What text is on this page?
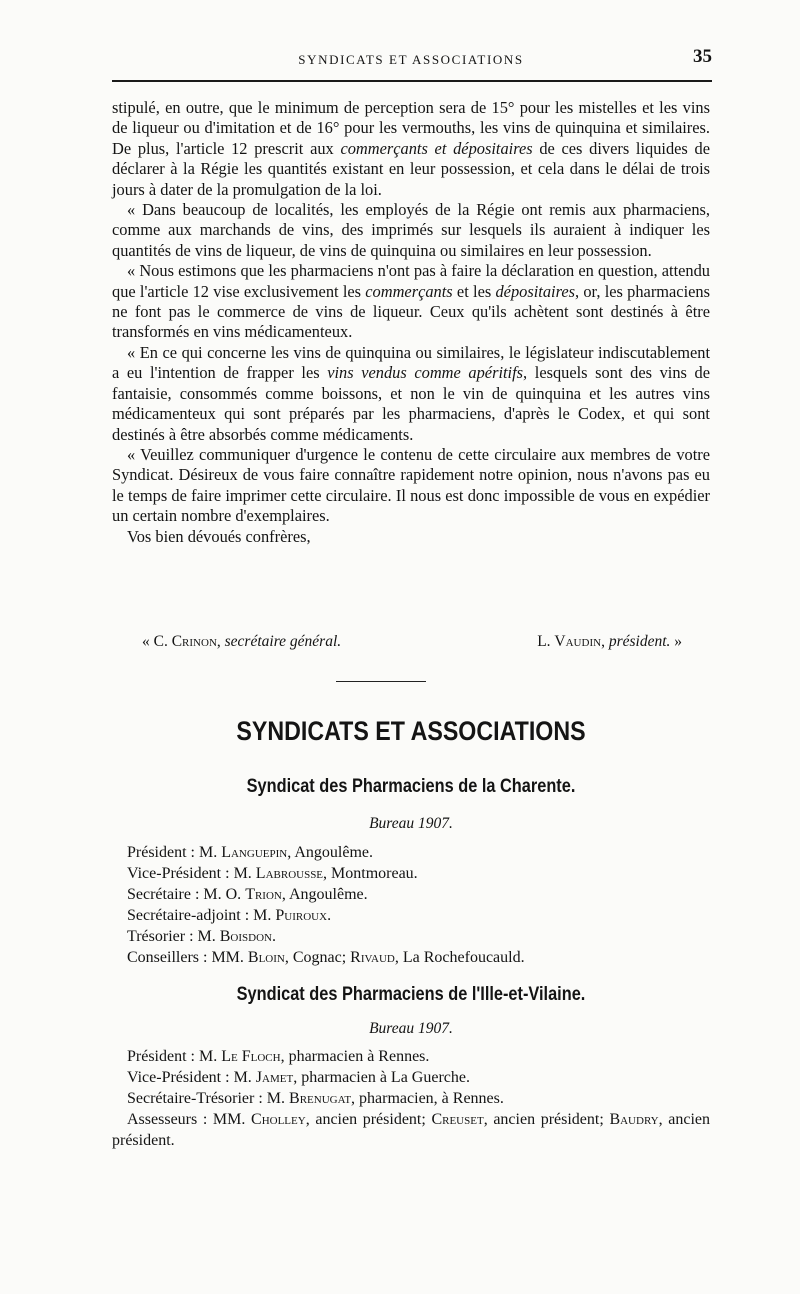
SYNDICATS ET ASSOCIATIONS	35

stipulé, en outre, que le minimum de perception sera de 15° pour les mistelles et les vins de liqueur ou d'imitation et de 16° pour les vermouths, les vins de quinquina et similaires. De plus, l'article 12 prescrit aux commerçants et dépositaires de ces divers liquides de déclarer à la Régie les quantités existant en leur possession, et cela dans le délai de trois jours à dater de la promulgation de la loi.

« Dans beaucoup de localités, les employés de la Régie ont remis aux pharmaciens, comme aux marchands de vins, des imprimés sur lesquels ils auraient à indiquer les quantités de vins de liqueur, de vins de quinquina ou similaires en leur possession.

« Nous estimons que les pharmaciens n'ont pas à faire la déclaration en question, attendu que l'article 12 vise exclusivement les commerçants et les dépositaires, or, les pharmaciens ne font pas le commerce de vins de liqueur. Ceux qu'ils achètent sont destinés à être transformés en vins médicamenteux.

« En ce qui concerne les vins de quinquina ou similaires, le législateur indiscutablement a eu l'intention de frapper les vins vendus comme apéritifs, lesquels sont des vins de fantaisie, consommés comme boissons, et non le vin de quinquina et les autres vins médicamenteux qui sont préparés par les pharmaciens, d'après le Codex, et qui sont destinés à être absorbés comme médicaments.

« Veuillez communiquer d'urgence le contenu de cette circulaire aux membres de votre Syndicat. Désireux de vous faire connaître rapidement notre opinion, nous n'avons pas eu le temps de faire imprimer cette circulaire. Il nous est donc impossible de vous en expédier un certain nombre d'exemplaires.

Vos bien dévoués confrères,

« C. Crinon, secrétaire général.	L. Vaudin, président. »
SYNDICATS ET ASSOCIATIONS
Syndicat des Pharmaciens de la Charente.
Bureau 1907.
Président : M. Languepin, Angoulême.
Vice-Président : M. Labrousse, Montmoreau.
Secrétaire : M. O. Trion, Angoulême.
Secrétaire-adjoint : M. Puiroux.
Trésorier : M. Boisdon.
Conseillers : MM. Bloin, Cognac; Rivaud, La Rochefoucauld.
Syndicat des Pharmaciens de l'Ille-et-Vilaine.
Bureau 1907.
Président : M. Le Floch, pharmacien à Rennes.
Vice-Président : M. Jamet, pharmacien à La Guerche.
Secrétaire-Trésorier : M. Brenugat, pharmacien, à Rennes.
Assesseurs : MM. Cholley, ancien président; Creuset, ancien président; Baudry, ancien président.
